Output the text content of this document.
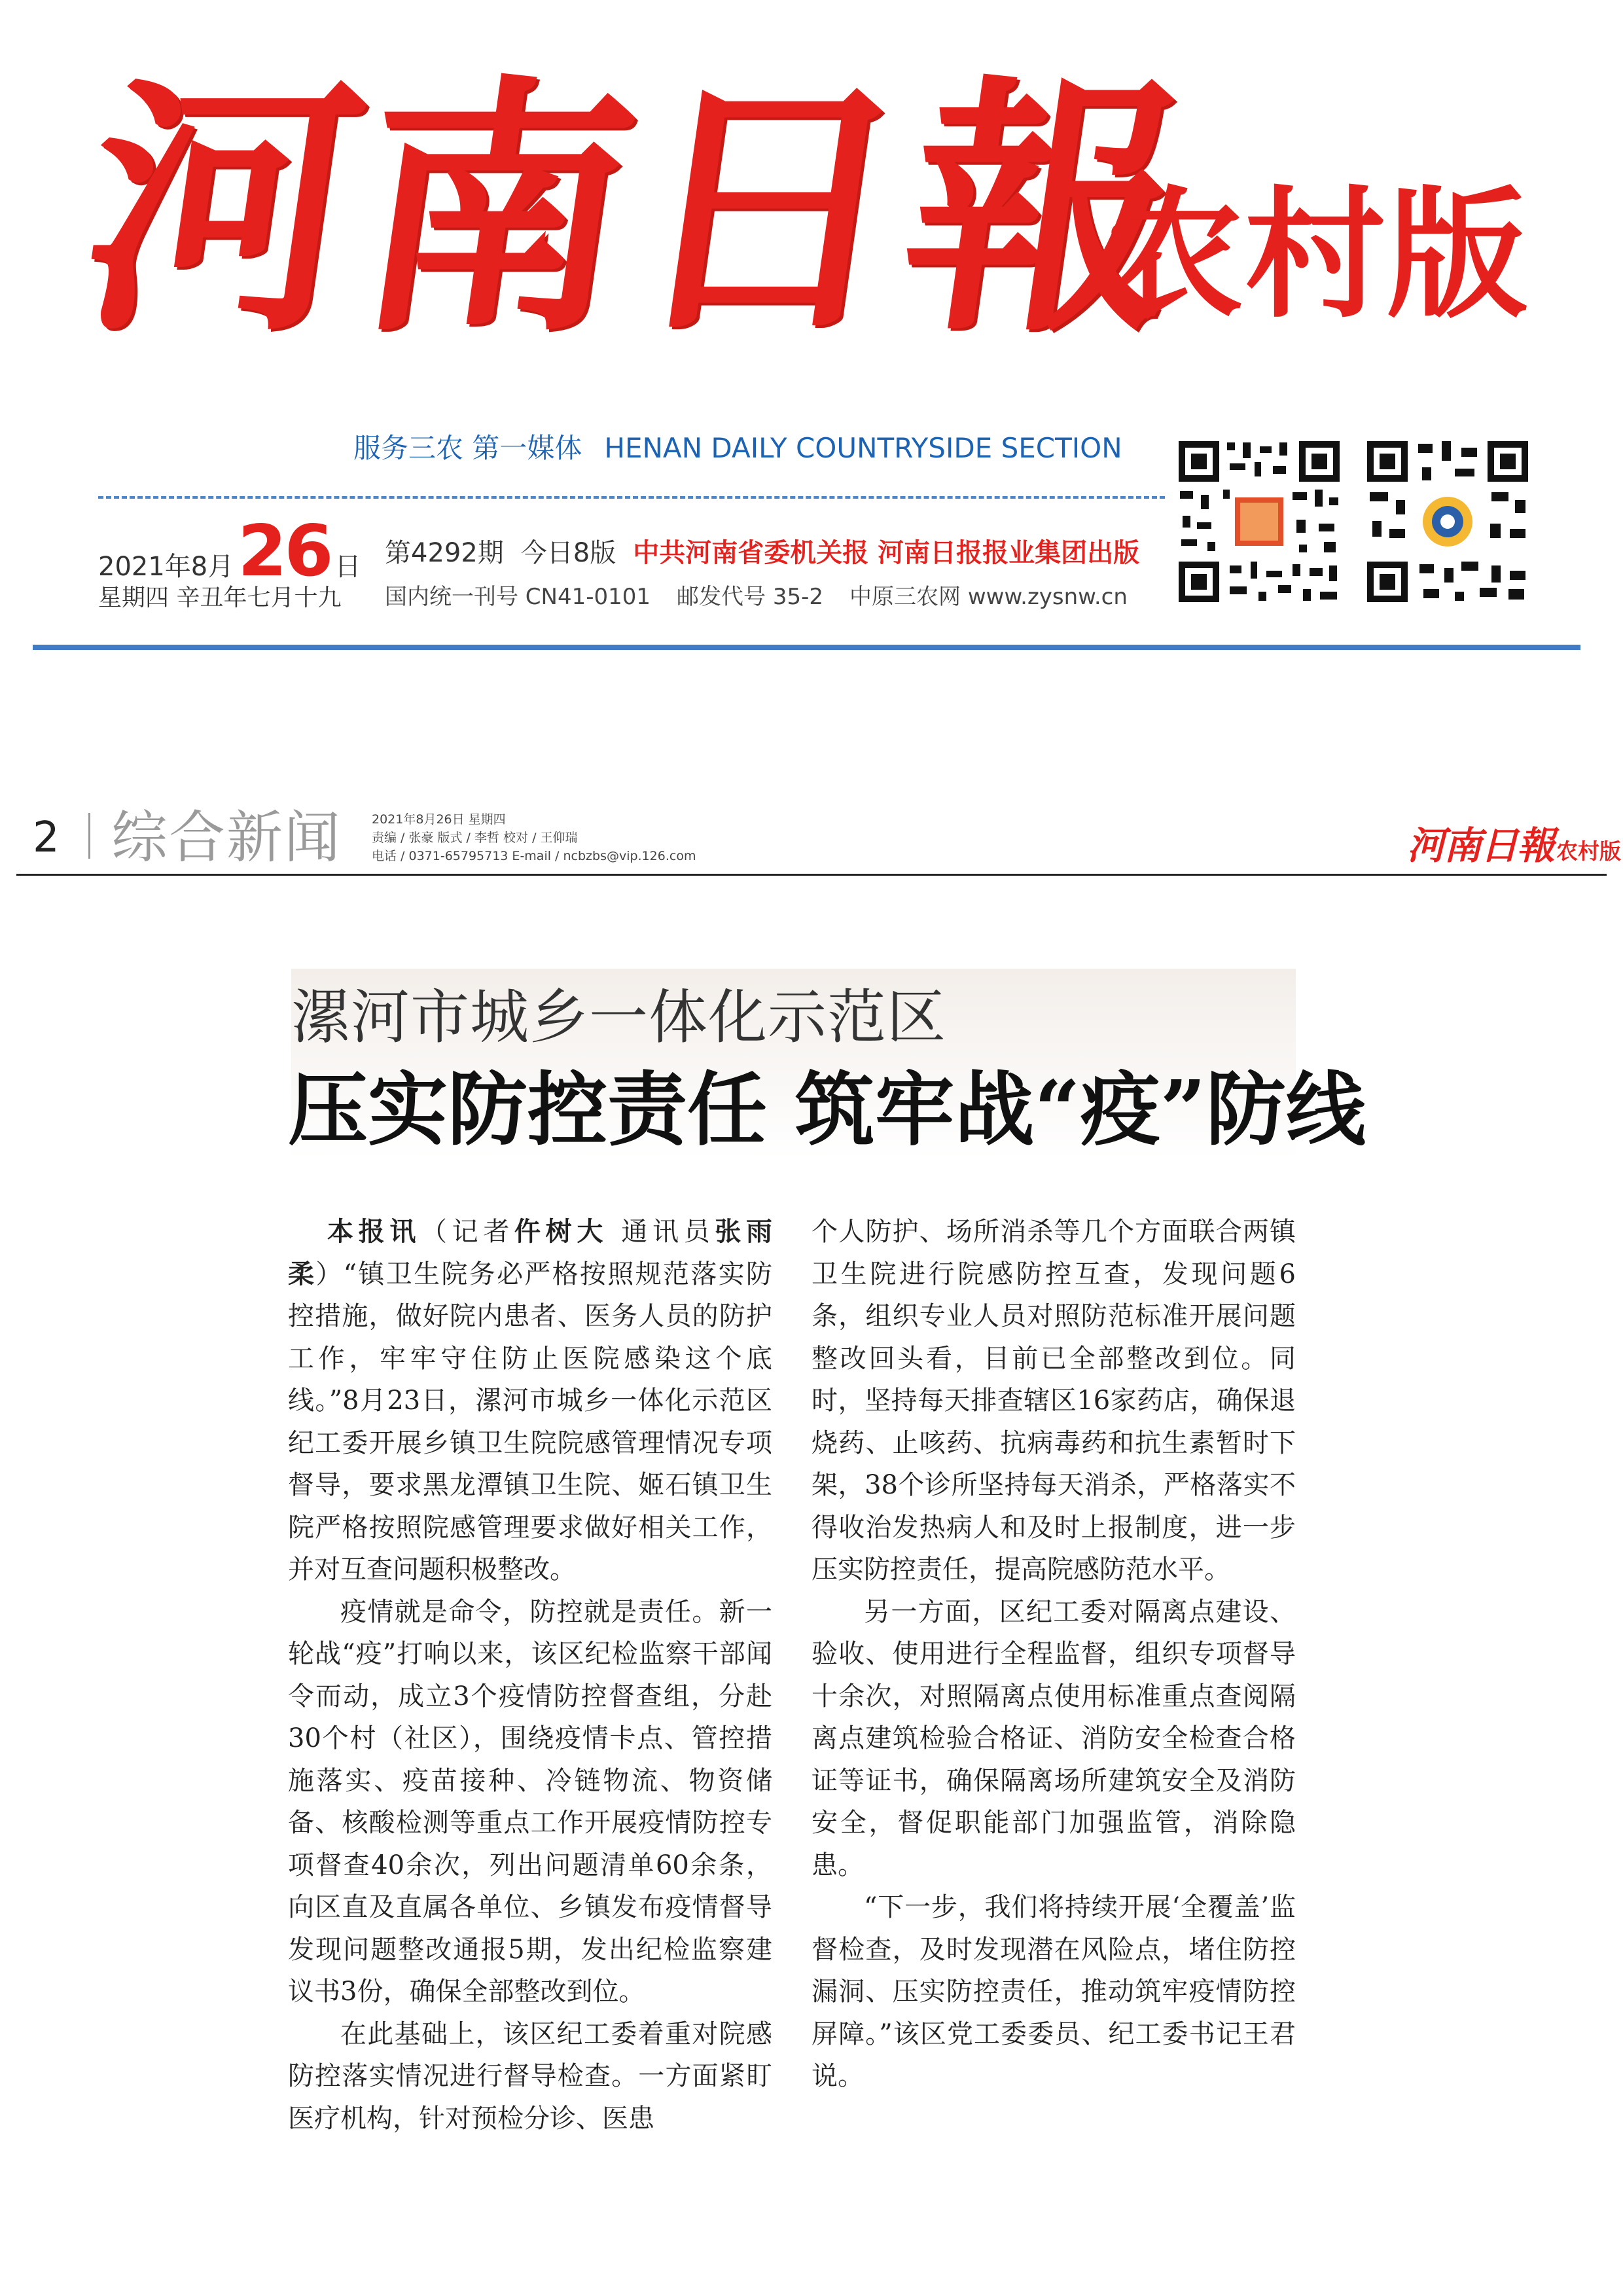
河南日報
农村版
服务三农 第一媒体 HENAN DAILY COUNTRYSIDE SECTION
2021年8月26 日
星期四 辛丑年七月十九
第4292期 今日8版 中共河南省委机关报 河南日报报业集团出版
国内统一刊号 CN41-0101 邮发代号 35-2 中原三农网 www.zysnw.cn
2 综合新闻	2021年8月26日 星期四
责编 / 张豪 版式 / 李哲 校对 / 王仰瑞
电话 / 0371-65795713 E-mail / ncbzbs@vip.126.com	河南日報 农村版
漯河市城乡一体化示范区
压实防控责任 筑牢战“疫”防线

本报讯（记者仵树大 通讯员张雨柔）“镇卫生院务必严格按照规范落实防控措施，做好院内患者、医务人员的防护工作，牢牢守住防止医院感染这个底线。”8月23日，漯河市城乡一体化示范区纪工委开展乡镇卫生院院感管理情况专项督导，要求黑龙潭镇卫生院、姬石镇卫生院严格按照院感管理要求做好相关工作，并对互查问题积极整改。

疫情就是命令，防控就是责任。新一轮战“疫”打响以来，该区纪检监察干部闻令而动，成立3个疫情防控督查组，分赴30个村（社区），围绕疫情卡点、管控措施落实、疫苗接种、冷链物流、物资储备、核酸检测等重点工作开展疫情防控专项督查40余次，列出问题清单60余条，向区直及直属各单位、乡镇发布疫情督导发现问题整改通报5期，发出纪检监察建议书3份，确保全部整改到位。

在此基础上，该区纪工委着重对院感防控落实情况进行督导检查。一方面紧盯医疗机构，针对预检分诊、医患

个人防护、场所消杀等几个方面联合两镇卫生院进行院感防控互查，发现问题6条，组织专业人员对照防范标准开展问题整改回头看，目前已全部整改到位。同时，坚持每天排查辖区16家药店，确保退烧药、止咳药、抗病毒药和抗生素暂时下架，38个诊所坚持每天消杀，严格落实不得收治发热病人和及时上报制度，进一步压实防控责任，提高院感防范水平。

另一方面，区纪工委对隔离点建设、验收、使用进行全程监督，组织专项督导十余次，对照隔离点使用标准重点查阅隔离点建筑检验合格证、消防安全检查合格证等证书，确保隔离场所建筑安全及消防安全，督促职能部门加强监管，消除隐患。

“下一步，我们将持续开展‘全覆盖’监督检查，及时发现潜在风险点，堵住防控漏洞、压实防控责任，推动筑牢疫情防控屏障。”该区党工委委员、纪工委书记王君说。
